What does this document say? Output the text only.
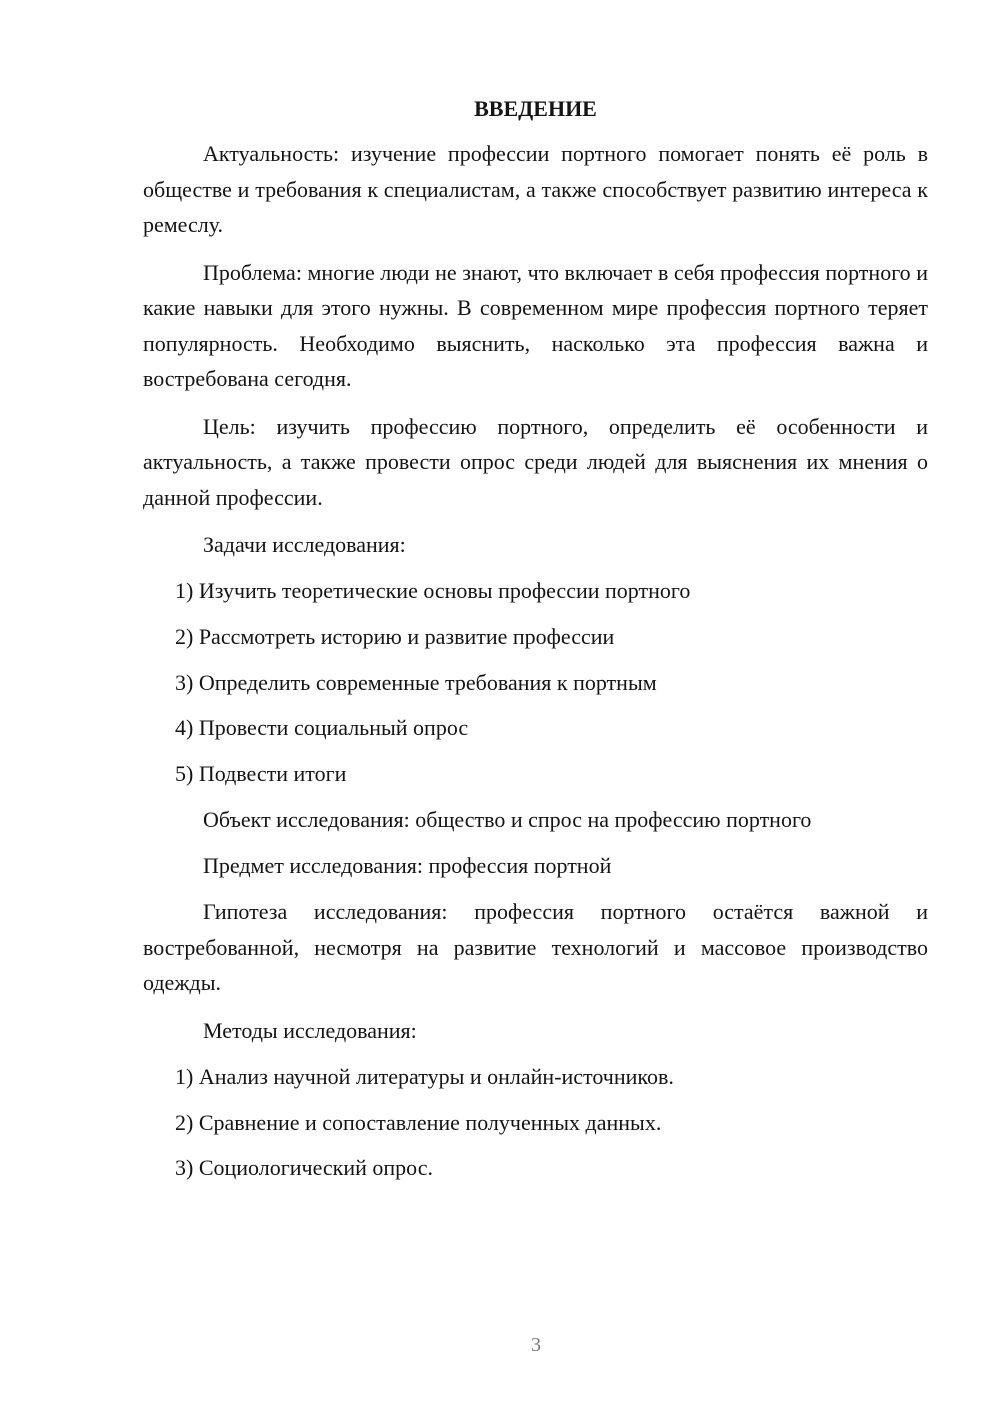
ВВЕДЕНИЕ
Актуальность: изучение профессии портного помогает понять её роль в обществе и требования к специалистам, а также способствует развитию интереса к ремеслу.
Проблема: многие люди не знают, что включает в себя профессия портного и какие навыки для этого нужны. В современном мире профессия портного теряет популярность. Необходимо выяснить, насколько эта профессия важна и востребована сегодня.
Цель: изучить профессию портного, определить её особенности и актуальность, а также провести опрос среди людей для выяснения их мнения о данной профессии.
Задачи исследования:
1) Изучить теоретические основы профессии портного
2) Рассмотреть историю и развитие профессии
3) Определить современные требования к портным
4) Провести социальный опрос
5) Подвести итоги
Объект исследования: общество и спрос на профессию портного
Предмет исследования: профессия портной
Гипотеза исследования: профессия портного остаётся важной и востребованной, несмотря на развитие технологий и массовое производство одежды.
Методы исследования:
1) Анализ научной литературы и онлайн-источников.
2) Сравнение и сопоставление полученных данных.
3) Социологический опрос.
3
